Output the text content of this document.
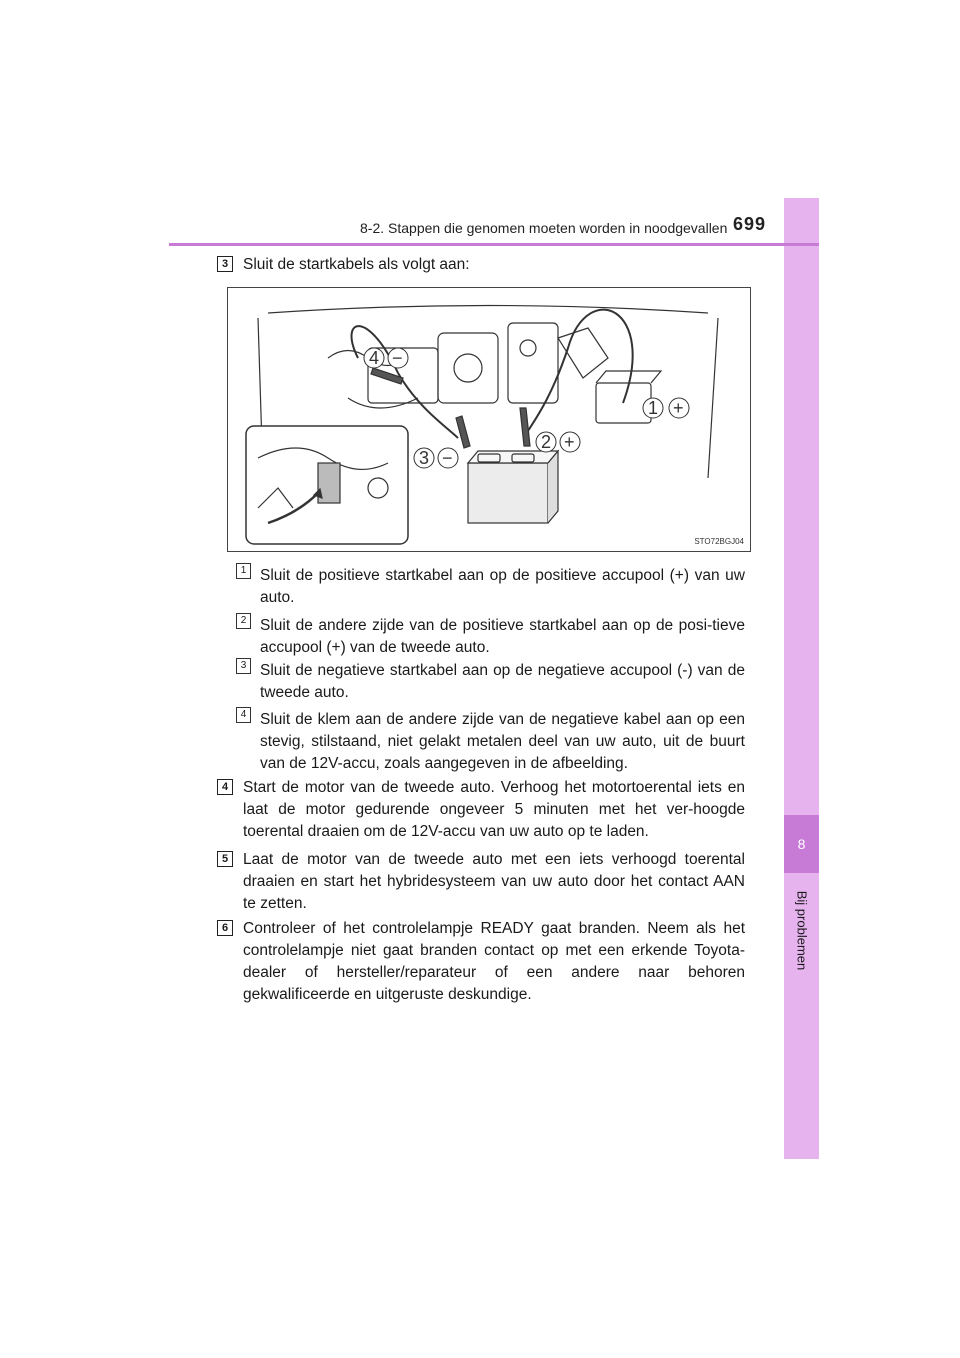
8
Bij problemen
8-2. Stappen die genomen moeten worden in noodgevallen 699
3 Sluit de startkabels als volgt aan:
4 −
1 +
2 +
3 −
STO72BGJ04
1 Sluit de positieve startkabel aan op de positieve accupool (+) van uw auto.
2 Sluit de andere zijde van de positieve startkabel aan op de posi-tieve accupool (+) van de tweede auto.
3 Sluit de negatieve startkabel aan op de negatieve accupool (-) van de tweede auto.
4 Sluit de klem aan de andere zijde van de negatieve kabel aan op een stevig, stilstaand, niet gelakt metalen deel van uw auto, uit de buurt van de 12V-accu, zoals aangegeven in de afbeelding.
4 Start de motor van de tweede auto. Verhoog het motortoerental iets en laat de motor gedurende ongeveer 5 minuten met het ver-hoogde toerental draaien om de 12V-accu van uw auto op te laden.
5 Laat de motor van de tweede auto met een iets verhoogd toerental draaien en start het hybridesysteem van uw auto door het contact AAN te zetten.
6 Controleer of het controlelampje READY gaat branden. Neem als het controlelampje niet gaat branden contact op met een erkende Toyota-dealer of hersteller/reparateur of een andere naar behoren gekwalificeerde en uitgeruste deskundige.
